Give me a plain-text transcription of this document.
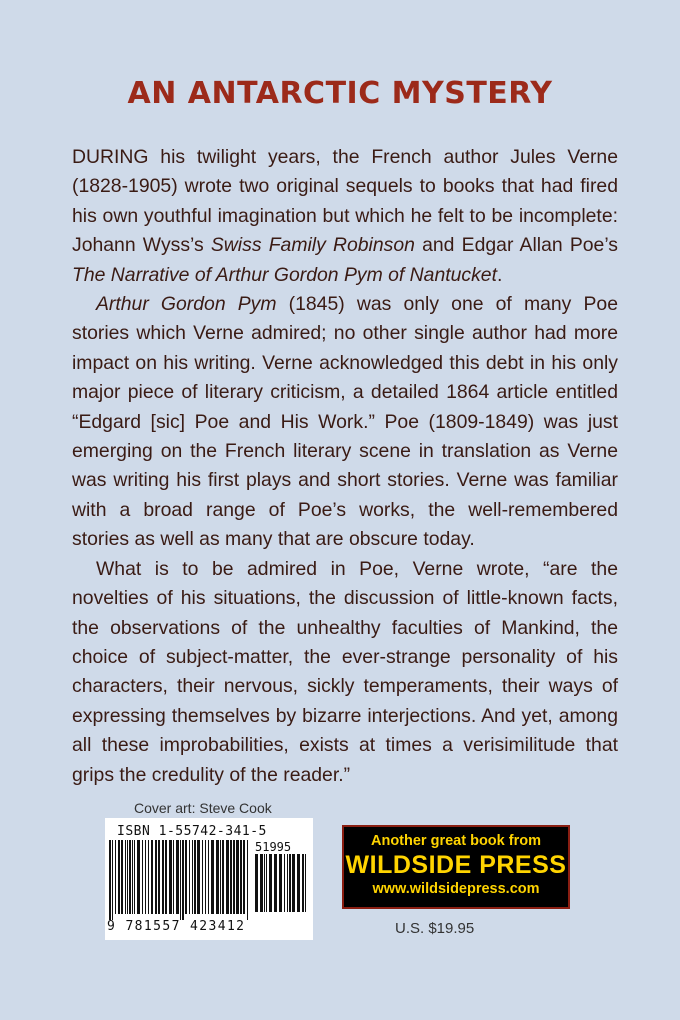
AN ANTARCTIC MYSTERY

DURING his twilight years, the French author Jules Verne (1828-1905) wrote two original sequels to books that had fired his own youthful imagination but which he felt to be incomplete: Johann Wyss’s Swiss Family Robinson and Edgar Allan Poe’s The Narrative of Arthur Gordon Pym of Nantucket.

Arthur Gordon Pym (1845) was only one of many Poe stories which Verne admired; no other single author had more impact on his writing. Verne acknowledged this debt in his only major piece of literary criticism, a detailed 1864 article entitled “Edgard [sic] Poe and His Work.” Poe (1809-1849) was just emerging on the French literary scene in translation as Verne was writing his first plays and short stories. Verne was familiar with a broad range of Poe’s works, the well-remembered stories as well as many that are obscure today.

What is to be admired in Poe, Verne wrote, “are the novelties of his situations, the discussion of little-known facts, the observations of the unhealthy faculties of Mankind, the choice of subject-matter, the ever-strange personality of his characters, their nervous, sickly temperaments, their ways of expressing themselves by bizarre interjections. And yet, among all these improbabilities, exists at times a verisimilitude that grips the credulity of the reader.”

Cover art: Steve Cook
ISBN 1-55742-341-5
51995
9 781557 423412
Another great book from
WILDSIDE PRESS
www.wildsidepress.com
U.S. $19.95
